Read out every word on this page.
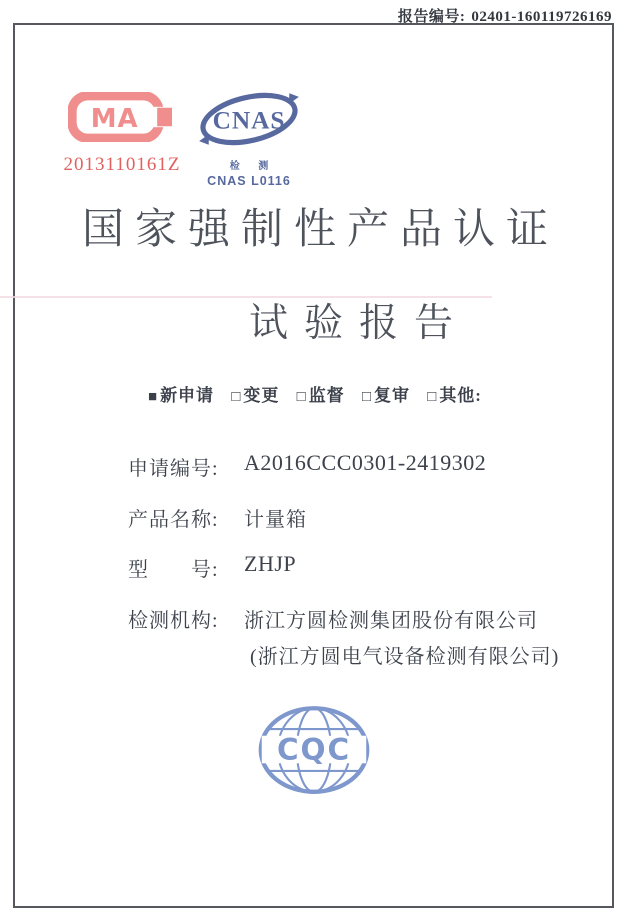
报告编号: 02401-160119726169
MA
2013110161Z
CNAS
检 测
CNAS L0116
国家强制性产品认证
试验报告
■ 新申请 □ 变更 □ 监督 □ 复审 □ 其他:
申请编号:	A2016CCC0301-2419302
产品名称:	计量箱
型　　号:	ZHJP
检测机构:	浙江方圆检测集团股份有限公司
(浙江方圆电气设备检测有限公司)
CQC
